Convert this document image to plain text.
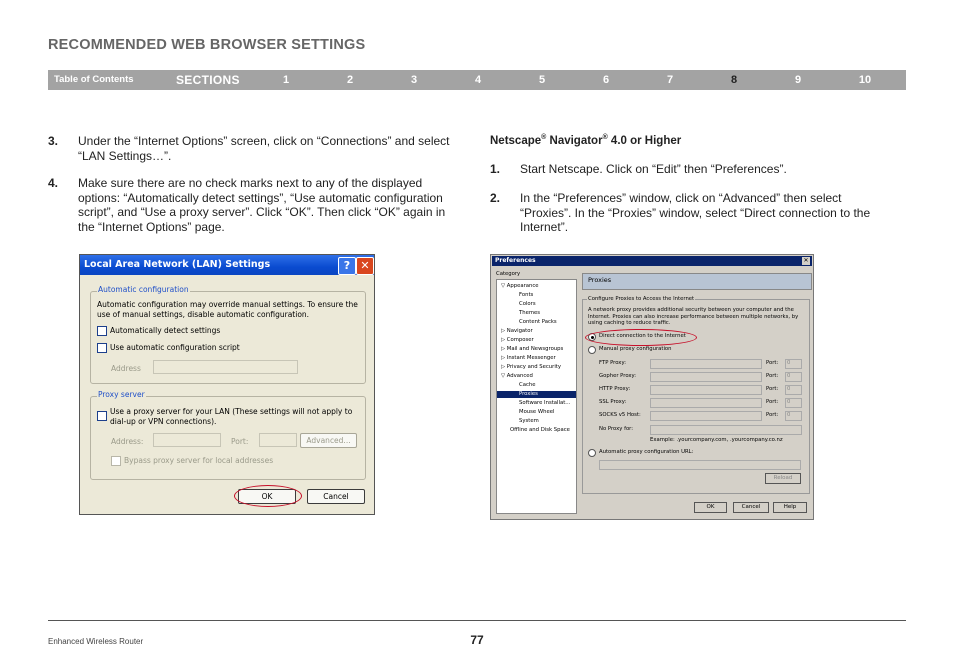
RECOMMENDED WEB BROWSER SETTINGS
Table of Contents	SECTIONS	1	2	3	4	5	6	7	8	9	10
3. Under the “Internet Options” screen, click on “Connections” and select “LAN Settings…”.
4. Make sure there are no check marks next to any of the displayed options: “Automatically detect settings”, “Use automatic configuration script”, and “Use a proxy server”. Click “OK”. Then click “OK” again in the “Internet Options” page.
Netscape® Navigator® 4.0 or Higher
1. Start Netscape. Click on “Edit” then “Preferences”.
2. In the “Preferences” window, click on “Advanced” then select “Proxies”. In the “Proxies” window, select “Direct connection to the Internet”.
Local Area Network (LAN) Settings	? ✕
Automatic configuration
Automatic configuration may override manual settings. To ensure the use of manual settings, disable automatic configuration.
Automatically detect settings
Use automatic configuration script
Address
Proxy server
Use a proxy server for your LAN (These settings will not apply to dial-up or VPN connections).
Address:	Port:	Advanced...
Bypass proxy server for local addresses
OK	Cancel
Preferences	✕
Category
▽ Appearance
Fonts
Colors
Themes
Content Packs
▷ Navigator
▷ Composer
▷ Mail and Newsgroups
▷ Instant Messenger
▷ Privacy and Security
▽ Advanced
Cache
Proxies
Software Installat...
Mouse Wheel
System
Offline and Disk Space
Proxies
Configure Proxies to Access the Internet
A network proxy provides additional security between your computer and the Internet. Proxies can also increase performance between multiple networks, by using caching to reduce traffic.
Direct connection to the Internet
Manual proxy configuration
FTP Proxy:	Port:	0
Gopher Proxy:	Port:	0
HTTP Proxy:	Port:	0
SSL Proxy:	Port:	0
SOCKS v5 Host:	Port:	0
No Proxy for:
Example: .yourcompany.com, .yourcompany.co.nz
Automatic proxy configuration URL:
Reload
OK	Cancel	Help
Enhanced Wireless Router	77
